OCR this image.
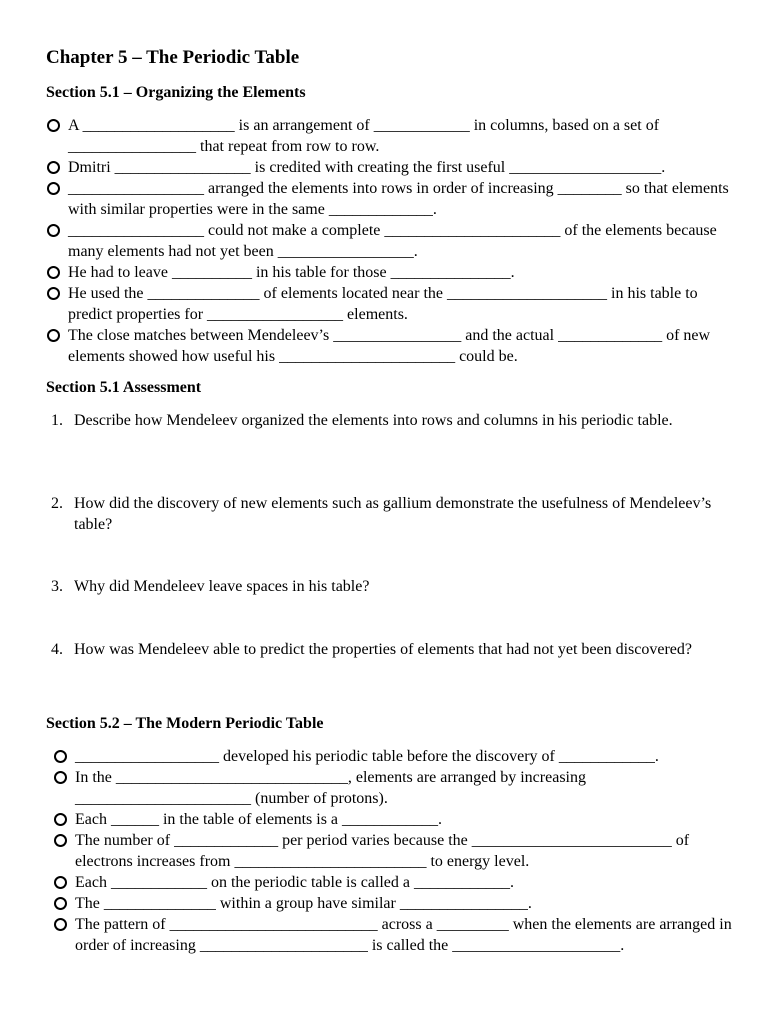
Chapter 5 – The Periodic Table
Section 5.1 – Organizing the Elements
A ___________________ is an arrangement of ____________ in columns, based on a set of ________________ that repeat from row to row.
Dmitri _________________ is credited with creating the first useful ___________________.
_________________ arranged the elements into rows in order of increasing ________ so that elements with similar properties were in the same _____________.
_________________ could not make a complete ______________________ of the elements because many elements had not yet been _________________.
He had to leave __________ in his table for those _______________.
He used the ______________ of elements located near the ____________________ in his table to predict properties for _________________ elements.
The close matches between Mendeleev’s ________________ and the actual _____________ of new elements showed how useful his ______________________ could be.
Section 5.1 Assessment
1. Describe how Mendeleev organized the elements into rows and columns in his periodic table.
2. How did the discovery of new elements such as gallium demonstrate the usefulness of Mendeleev’s table?
3. Why did Mendeleev leave spaces in his table?
4. How was Mendeleev able to predict the properties of elements that had not yet been discovered?
Section 5.2 – The Modern Periodic Table
__________________ developed his periodic table before the discovery of ____________.
In the _____________________________, elements are arranged by increasing ______________________ (number of protons).
Each ______ in the table of elements is a ____________.
The number of _____________ per period varies because the _________________________ of electrons increases from ________________________ to energy level.
Each ____________ on the periodic table is called a ____________.
The ______________ within a group have similar ________________.
The pattern of __________________________ across a _________ when the elements are arranged in order of increasing _____________________ is called the _____________________.
